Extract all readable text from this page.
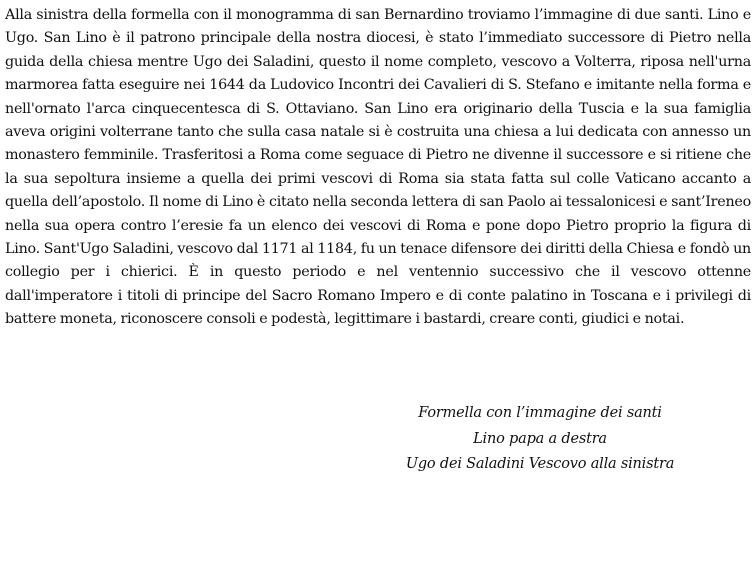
Alla sinistra della formella con il monogramma di san Bernardino troviamo l’immagine di due santi. Lino e Ugo. San Lino è il patrono principale della nostra diocesi, è stato l’immediato successore di Pietro nella guida della chiesa mentre Ugo dei Saladini, questo il nome completo, vescovo a Volterra, riposa nell'urna marmorea fatta eseguire nei 1644 da Ludovico Incontri dei Cavalieri di S. Stefano e imitante nella forma e nell'ornato l'arca cinquecentesca di S. Ottaviano. San Lino era originario della Tuscia e la sua famiglia aveva origini volterrane tanto che sulla casa natale si è costruita una chiesa a lui dedicata con annesso un monastero femminile. Trasferitosi a Roma come seguace di Pietro ne divenne il successore e si ritiene che la sua sepoltura insieme a quella dei primi vescovi di Roma sia stata fatta sul colle Vaticano accanto a quella dell’apostolo. Il nome di Lino è citato nella seconda lettera di san Paolo ai tessalonicesi e sant’Ireneo nella sua opera contro l’eresie fa un elenco dei vescovi di Roma e pone dopo Pietro proprio la figura di Lino. Sant'Ugo Saladini, vescovo dal 1171 al 1184, fu un tenace difensore dei diritti della Chiesa e fondò un collegio per i chierici. È in questo periodo e nel ventennio successivo che il vescovo ottenne dall'imperatore i titoli di principe del Sacro Romano Impero e di conte palatino in Toscana e i privilegi di battere moneta, riconoscere consoli e podestà, legittimare i bastardi, creare conti, giudici e notai.

Formella con l’immagine dei santi
Lino papa a destra
Ugo dei Saladini Vescovo alla sinistra
